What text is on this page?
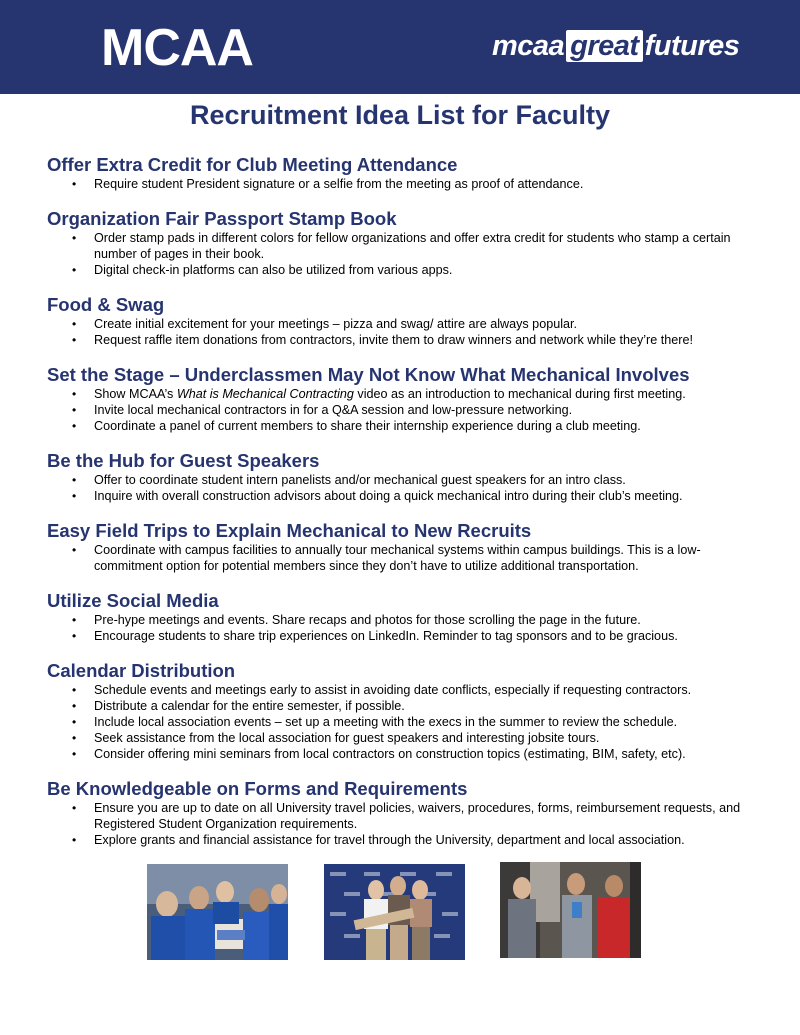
MCAA	mcaa great futures
Recruitment Idea List for Faculty
Offer Extra Credit for Club Meeting Attendance
• Require student President signature or a selfie from the meeting as proof of attendance.
Organization Fair Passport Stamp Book
• Order stamp pads in different colors for fellow organizations and offer extra credit for students who stamp a certain number of pages in their book.
• Digital check-in platforms can also be utilized from various apps.
Food & Swag
• Create initial excitement for your meetings – pizza and swag/ attire are always popular.
• Request raffle item donations from contractors, invite them to draw winners and network while they’re there!
Set the Stage – Underclassmen May Not Know What Mechanical Involves
• Show MCAA’s What is Mechanical Contracting video as an introduction to mechanical during first meeting.
• Invite local mechanical contractors in for a Q&A session and low-pressure networking.
• Coordinate a panel of current members to share their internship experience during a club meeting.
Be the Hub for Guest Speakers
• Offer to coordinate student intern panelists and/or mechanical guest speakers for an intro class.
• Inquire with overall construction advisors about doing a quick mechanical intro during their club’s meeting.
Easy Field Trips to Explain Mechanical to New Recruits
• Coordinate with campus facilities to annually tour mechanical systems within campus buildings. This is a low-commitment option for potential members since they don’t have to utilize additional transportation.
Utilize Social Media
• Pre-hype meetings and events. Share recaps and photos for those scrolling the page in the future.
• Encourage students to share trip experiences on LinkedIn. Reminder to tag sponsors and to be gracious.
Calendar Distribution
• Schedule events and meetings early to assist in avoiding date conflicts, especially if requesting contractors.
• Distribute a calendar for the entire semester, if possible.
• Include local association events – set up a meeting with the execs in the summer to review the schedule.
• Seek assistance from the local association for guest speakers and interesting jobsite tours.
• Consider offering mini seminars from local contractors on construction topics (estimating, BIM, safety, etc).
Be Knowledgeable on Forms and Requirements
• Ensure you are up to date on all University travel policies, waivers, procedures, forms, reimbursement requests, and Registered Student Organization requirements.
• Explore grants and financial assistance for travel through the University, department and local association.
